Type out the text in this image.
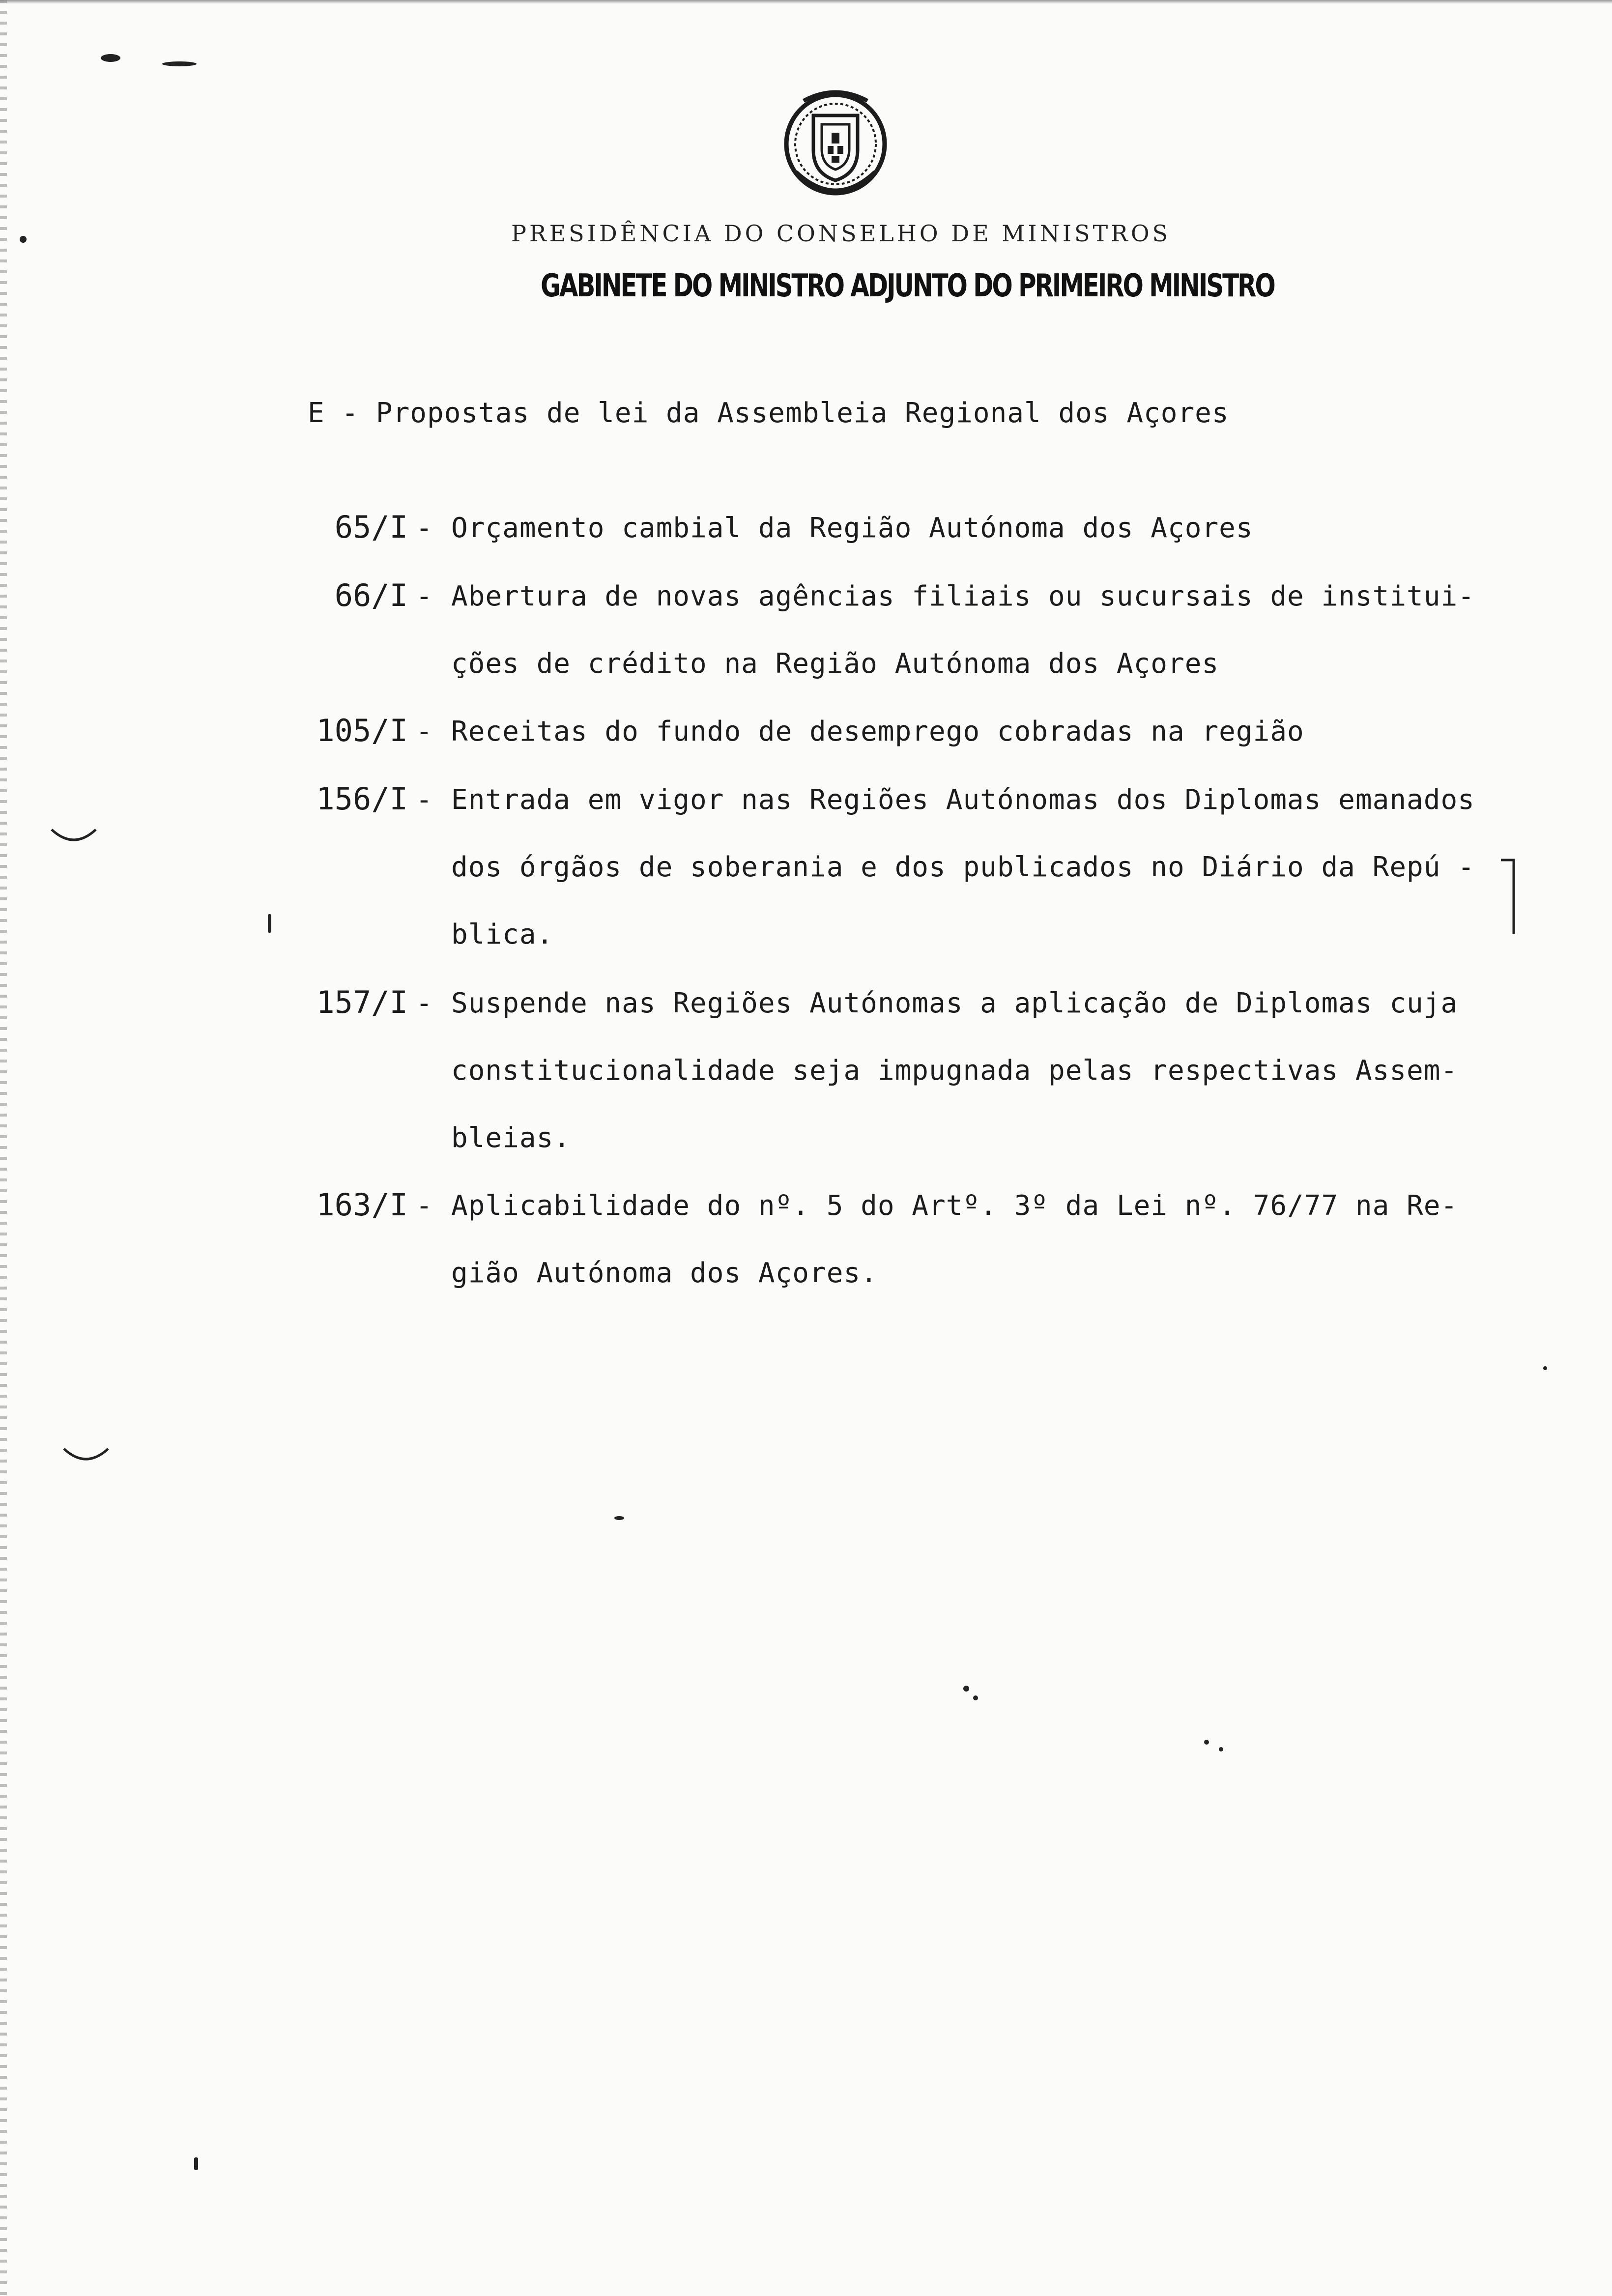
PRESIDÊNCIA DO CONSELHO DE MINISTROS
GABINETE DO MINISTRO ADJUNTO DO PRIMEIRO MINISTRO
E - Propostas de lei da Assembleia Regional dos Açores
65/I - Orçamento cambial da Região Autónoma dos Açores
66/I - Abertura de novas agências filiais ou sucursais de institui-
ções de crédito na Região Autónoma dos Açores
105/I - Receitas do fundo de desemprego cobradas na região
156/I - Entrada em vigor nas Regiões Autónomas dos Diplomas emanados
dos órgãos de soberania e dos publicados no Diário da Repú -
blica.
157/I - Suspende nas Regiões Autónomas a aplicação de Diplomas cuja
constitucionalidade seja impugnada pelas respectivas Assem-
bleias.
163/I - Aplicabilidade do nº. 5 do Artº. 3º da Lei nº. 76/77 na Re-
gião Autónoma dos Açores.
